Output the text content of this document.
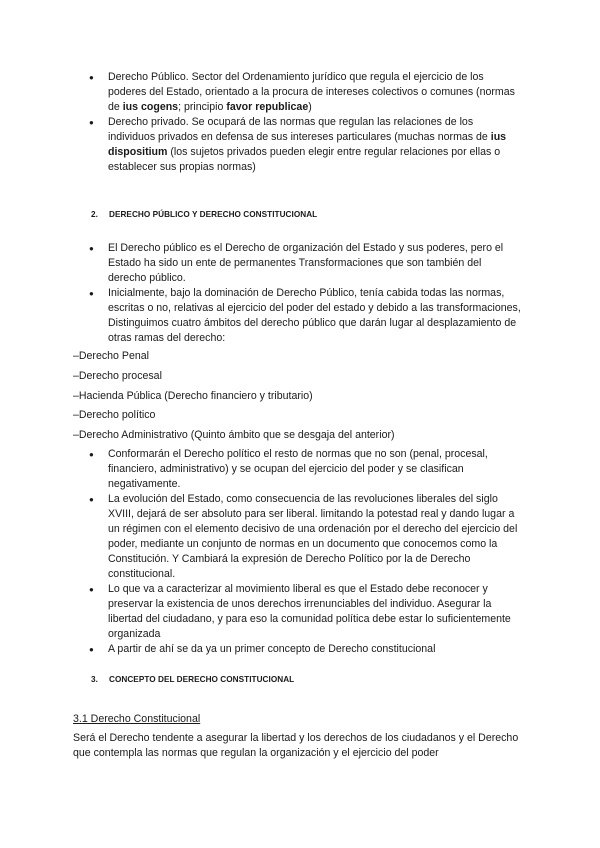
●	Derecho Público. Sector del Ordenamiento jurídico que regula el ejercicio de los poderes del Estado, orientado a la procura de intereses colectivos o comunes (normas de ius cogens; principio favor republicae)
●	Derecho privado. Se ocupará de las normas que regulan las relaciones de los individuos privados en defensa de sus intereses particulares (muchas normas de ius dispositium (los sujetos privados pueden elegir entre regular relaciones por ellas o establecer sus propias normas)
2. DERECHO PÚBLICO Y DERECHO CONSTITUCIONAL
●	El Derecho público es el Derecho de organización del Estado y sus poderes, pero el Estado ha sido un ente de permanentes Transformaciones que son también del derecho público.
●	Inicialmente, bajo la dominación de Derecho Público, tenía cabida todas las normas, escritas o no, relativas al ejercicio del poder del estado y debido a las transformaciones, Distinguimos cuatro ámbitos del derecho público que darán lugar al desplazamiento de otras ramas del derecho:
–Derecho Penal
–Derecho procesal
–Hacienda Pública (Derecho financiero y tributario)
–Derecho político
–Derecho Administrativo (Quinto ámbito que se desgaja del anterior)
●	Conformarán el Derecho político el resto de normas que no son (penal, procesal, financiero, administrativo) y se ocupan del ejercicio del poder y se clasifican negativamente.
●	La evolución del Estado, como consecuencia de las revoluciones liberales del siglo XVIII, dejará de ser absoluto para ser liberal. limitando la potestad real y dando lugar a un régimen con el elemento decisivo de una ordenación por el derecho del ejercicio del poder, mediante un conjunto de normas en un documento que conocemos como la Constitución. Y Cambiará la expresión de Derecho Político por la de Derecho constitucional.
●	Lo que va a caracterizar al movimiento liberal es que el Estado debe reconocer y preservar la existencia de unos derechos irrenunciables del individuo. Asegurar la libertad del ciudadano, y para eso la comunidad política debe estar lo suficientemente organizada
●	A partir de ahí se da ya un primer concepto de Derecho constitucional
3. CONCEPTO DEL DERECHO CONSTITUCIONAL
3.1 Derecho Constitucional
Será el Derecho tendente a asegurar la libertad y los derechos de los ciudadanos y el Derecho que contempla las normas que regulan la organización y el ejercicio del poder
